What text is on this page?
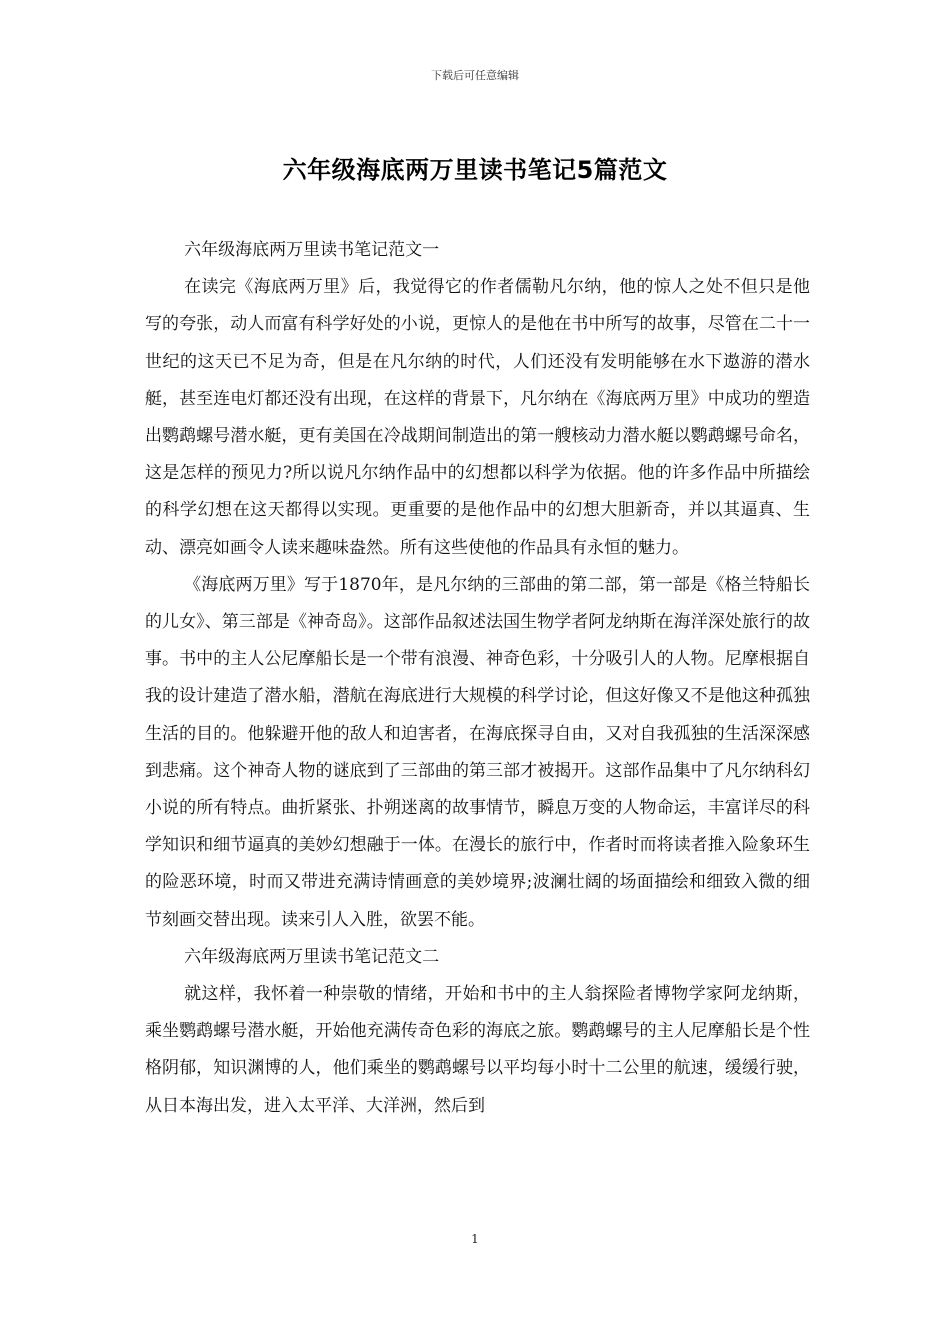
下载后可任意编辑
六年级海底两万里读书笔记5篇范文

六年级海底两万里读书笔记范文一

在读完《海底两万里》后，我觉得它的作者儒勒凡尔纳，他的惊人之处不但只是他写的夸张，动人而富有科学好处的小说，更惊人的是他在书中所写的故事，尽管在二十一世纪的这天已不足为奇，但是在凡尔纳的时代，人们还没有发明能够在水下遨游的潜水艇，甚至连电灯都还没有出现，在这样的背景下，凡尔纳在《海底两万里》中成功的塑造出鹦鹉螺号潜水艇，更有美国在冷战期间制造出的第一艘核动力潜水艇以鹦鹉螺号命名，这是怎样的预见力?所以说凡尔纳作品中的幻想都以科学为依据。他的许多作品中所描绘的科学幻想在这天都得以实现。更重要的是他作品中的幻想大胆新奇，并以其逼真、生动、漂亮如画令人读来趣味盎然。所有这些使他的作品具有永恒的魅力。

《海底两万里》写于1870年，是凡尔纳的三部曲的第二部，第一部是《格兰特船长的儿女》、第三部是《神奇岛》。这部作品叙述法国生物学者阿龙纳斯在海洋深处旅行的故事。书中的主人公尼摩船长是一个带有浪漫、神奇色彩，十分吸引人的人物。尼摩根据自我的设计建造了潜水船，潜航在海底进行大规模的科学讨论，但这好像又不是他这种孤独生活的目的。他躲避开他的敌人和迫害者，在海底探寻自由，又对自我孤独的生活深深感到悲痛。这个神奇人物的谜底到了三部曲的第三部才被揭开。这部作品集中了凡尔纳科幻小说的所有特点。曲折紧张、扑朔迷离的故事情节，瞬息万变的人物命运，丰富详尽的科学知识和细节逼真的美妙幻想融于一体。在漫长的旅行中，作者时而将读者推入险象环生的险恶环境，时而又带进充满诗情画意的美妙境界;波澜壮阔的场面描绘和细致入微的细节刻画交替出现。读来引人入胜，欲罢不能。

六年级海底两万里读书笔记范文二

就这样，我怀着一种崇敬的情绪，开始和书中的主人翁探险者博物学家阿龙纳斯，乘坐鹦鹉螺号潜水艇，开始他充满传奇色彩的海底之旅。鹦鹉螺号的主人尼摩船长是个性格阴郁，知识渊博的人，他们乘坐的鹦鹉螺号以平均每小时十二公里的航速，缓缓行驶，从日本海出发，进入太平洋、大洋洲，然后到

1
